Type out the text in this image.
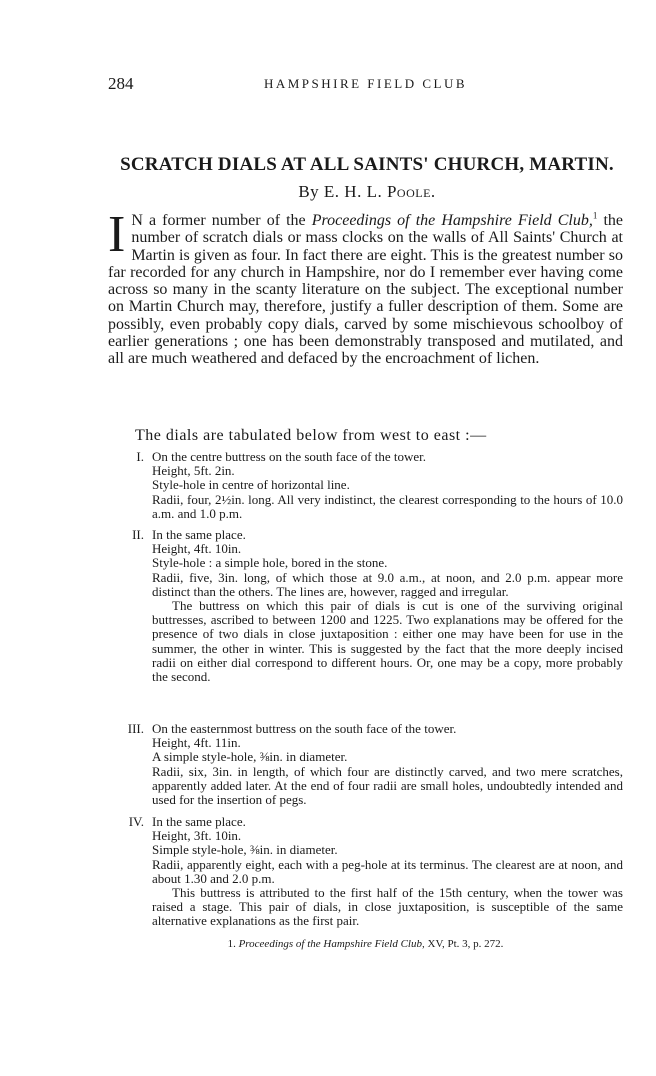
284	HAMPSHIRE FIELD CLUB
SCRATCH DIALS AT ALL SAINTS' CHURCH, MARTIN.
By E. H. L. Poole.
I N a former number of the Proceedings of the Hampshire Field Club,$^1$ the number of scratch dials or mass clocks on the walls of All Saints' Church at Martin is given as four. In fact there are eight. This is the greatest number so far recorded for any church in Hampshire, nor do I remember ever having come across so many in the scanty literature on the subject. The exceptional number on Martin Church may, therefore, justify a fuller description of them. Some are possibly, even probably copy dials, carved by some mischievous schoolboy of earlier generations ; one has been demonstrably transposed and mutilated, and all are much weathered and defaced by the encroachment of lichen.
The dials are tabulated below from west to east :—
I. On the centre buttress on the south face of the tower.

Height, 5ft. 2in.

Style-hole in centre of horizontal line.

Radii, four, 2½in. long. All very indistinct, the clearest corresponding to the hours of 10.0 a.m. and 1.0 p.m.

II. In the same place.

Height, 4ft. 10in.

Style-hole : a simple hole, bored in the stone.

Radii, five, 3in. long, of which those at 9.0 a.m., at noon, and 2.0 p.m. appear more distinct than the others. The lines are, however, ragged and irregular.

The buttress on which this pair of dials is cut is one of the surviving original buttresses, ascribed to between 1200 and 1225. Two explanations may be offered for the presence of two dials in close juxtaposition : either one may have been for use in the summer, the other in winter. This is suggested by the fact that the more deeply incised radii on either dial correspond to different hours. Or, one may be a copy, more probably the second.

III. On the easternmost buttress on the south face of the tower.

Height, 4ft. 11in.

A simple style-hole, ⅜in. in diameter.

Radii, six, 3in. in length, of which four are distinctly carved, and two mere scratches, apparently added later. At the end of four radii are small holes, undoubtedly intended and used for the insertion of pegs.

IV. In the same place.

Height, 3ft. 10in.

Simple style-hole, ⅜in. in diameter.

Radii, apparently eight, each with a peg-hole at its terminus. The clearest are at noon, and about 1.30 and 2.0 p.m.

This buttress is attributed to the first half of the 15th century, when the tower was raised a stage. This pair of dials, in close juxtaposition, is susceptible of the same alternative explanations as the first pair.

1. Proceedings of the Hampshire Field Club, XV, Pt. 3, p. 272.
